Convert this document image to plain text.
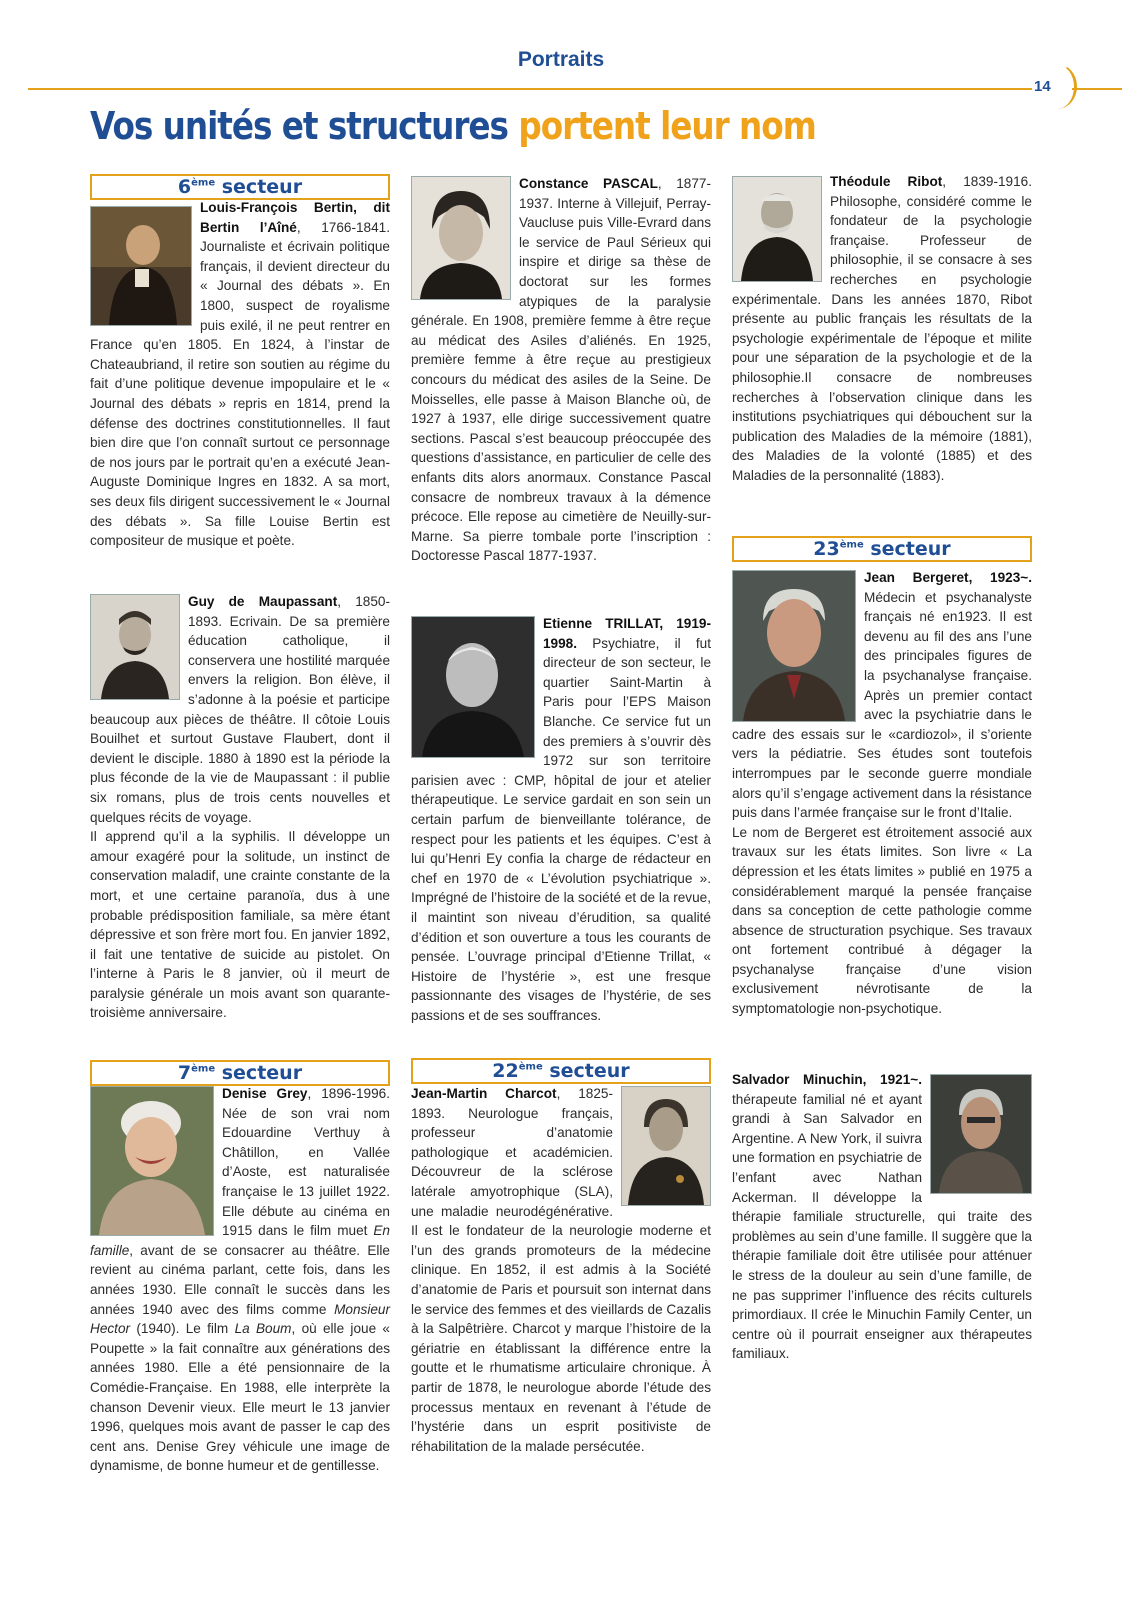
Portraits
14
Vos unités et structures portent leur nom
6ème secteur

Louis-François Bertin, dit Bertin l’Aîné, 1766-1841. Journaliste et écrivain politique français, il devient directeur du « Journal des débats ». En 1800, suspect de royalisme puis exilé, il ne peut rentrer en France qu’en 1805. En 1824, à l’instar de Chateaubriand, il retire son soutien au régime du fait d’une politique devenue impopulaire et le « Journal des débats » repris en 1814, prend la défense des doctrines constitutionnelles. Il faut bien dire que l’on connaît surtout ce personnage de nos jours par le portrait qu’en a exécuté Jean-Auguste Dominique Ingres en 1832. A sa mort, ses deux fils dirigent successivement le « Journal des débats ». Sa fille Louise Bertin est compositeur de musique et poète.

Guy de Maupassant, 1850-1893. Ecrivain. De sa première éducation catholique, il conservera une hostilité marquée envers la religion. Bon élève, il s’adonne à la poésie et participe beaucoup aux pièces de théâtre. Il côtoie Louis Bouilhet et surtout Gustave Flaubert, dont il devient le disciple. 1880 à 1890 est la période la plus féconde de la vie de Maupassant : il publie six romans, plus de trois cents nouvelles et quelques récits de voyage.

Il apprend qu’il a la syphilis. Il développe un amour exagéré pour la solitude, un instinct de conservation maladif, une crainte constante de la mort, et une certaine paranoïa, dus à une probable prédisposition familiale, sa mère étant dépressive et son frère mort fou. En janvier 1892, il fait une tentative de suicide au pistolet. On l’interne à Paris le 8 janvier, où il meurt de paralysie générale un mois avant son quarante-troisième anniversaire.

7ème secteur

Denise Grey, 1896-1996. Née de son vrai nom Edouardine Verthuy à Châtillon, en Vallée d’Aoste, est naturalisée française le 13 juillet 1922. Elle débute au cinéma en 1915 dans le film muet En famille, avant de se consacrer au théâtre. Elle revient au cinéma parlant, cette fois, dans les années 1930. Elle connaît le succès dans les années 1940 avec des films comme Monsieur Hector (1940). Le film La Boum, où elle joue « Poupette » la fait connaître aux générations des années 1980. Elle a été pensionnaire de la Comédie-Française. En 1988, elle interprète la chanson Devenir vieux. Elle meurt le 13 janvier 1996, quelques mois avant de passer le cap des cent ans. Denise Grey véhicule une image de dynamisme, de bonne humeur et de gentillesse.

Constance PASCAL, 1877-1937. Interne à Villejuif, Perray-Vaucluse puis Ville-Evrard dans le service de Paul Sérieux qui inspire et dirige sa thèse de doctorat sur les formes atypiques de la paralysie générale. En 1908, première femme à être reçue au médicat des Asiles d’aliénés. En 1925, première femme à être reçue au prestigieux concours du médicat des asiles de la Seine. De Moisselles, elle passe à Maison Blanche où, de 1927 à 1937, elle dirige successivement quatre sections. Pascal s’est beaucoup préoccupée des questions d’assistance, en particulier de celle des enfants dits alors anormaux. Constance Pascal consacre de nombreux travaux à la démence précoce. Elle repose au cimetière de Neuilly-sur-Marne. Sa pierre tombale porte l’inscription : Doctoresse Pascal 1877-1937.

Etienne TRILLAT, 1919-1998. Psychiatre, il fut directeur de son secteur, le quartier Saint-Martin à Paris pour l’EPS Maison Blanche. Ce service fut un des premiers à s’ouvrir dès 1972 sur son territoire parisien avec : CMP, hôpital de jour et atelier thérapeutique. Le service gardait en son sein un certain parfum de bienveillante tolérance, de respect pour les patients et les équipes. C’est à lui qu’Henri Ey confia la charge de rédacteur en chef en 1970 de « L’évolution psychiatrique ». Imprégné de l’histoire de la société et de la revue, il maintint son niveau d’érudition, sa qualité d’édition et son ouverture a tous les courants de pensée. L’ouvrage principal d’Etienne Trillat, « Histoire de l’hystérie », est une fresque passionnante des visages de l’hystérie, de ses passions et de ses souffrances.

22ème secteur

Jean-Martin Charcot, 1825-1893. Neurologue français, professeur d’anatomie pathologique et académicien. Découvreur de la sclérose latérale amyotrophique (SLA), une maladie neurodégénérative. Il est le fondateur de la neurologie moderne et l’un des grands promoteurs de la médecine clinique. En 1852, il est admis à la Société d’anatomie de Paris et poursuit son internat dans le service des femmes et des vieillards de Cazalis à la Salpêtrière. Charcot y marque l’histoire de la gériatrie en établissant la différence entre la goutte et le rhumatisme articulaire chronique. À partir de 1878, le neurologue aborde l’étude des processus mentaux en revenant à l’étude de l’hystérie dans un esprit positiviste de réhabilitation de la malade persécutée.

Théodule Ribot, 1839-1916. Philosophe, considéré comme le fondateur de la psychologie française. Professeur de philosophie, il se consacre à ses recherches en psychologie expérimentale. Dans les années 1870, Ribot présente au public français les résultats de la psychologie expérimentale de l’époque et milite pour une séparation de la psychologie et de la philosophie.Il consacre de nombreuses recherches à l’observation clinique dans les institutions psychiatriques qui débouchent sur la publication des Maladies de la mémoire (1881), des Maladies de la volonté (1885) et des Maladies de la personnalité (1883).

23ème secteur

Jean Bergeret, 1923~. Médecin et psychanalyste français né en1923. Il est devenu au fil des ans l’une des principales figures de la psychanalyse française. Après un premier contact avec la psychiatrie dans le cadre des essais sur le «cardiozol», il s’oriente vers la pédiatrie. Ses études sont toutefois interrompues par le seconde guerre mondiale alors qu’il s’engage activement dans la résistance puis dans l’armée française sur le front d’Italie.

Le nom de Bergeret est étroitement associé aux travaux sur les états limites. Son livre « La dépression et les états limites » publié en 1975 a considérablement marqué la pensée française dans sa conception de cette pathologie comme absence de structuration psychique. Ses travaux ont fortement contribué à dégager la psychanalyse française d’une vision exclusivement névrotisante de la symptomatologie non-psychotique.

Salvador Minuchin, 1921~. thérapeute familial né et ayant grandi à San Salvador en Argentine. A New York, il suivra une formation en psychiatrie de l’enfant avec Nathan Ackerman. Il développe la thérapie familiale structurelle, qui traite des problèmes au sein d’une famille. Il suggère que la thérapie familiale doit être utilisée pour atténuer le stress de la douleur au sein d’une famille, de ne pas supprimer l’influence des récits culturels primordiaux. Il crée le Minuchin Family Center, un centre où il pourrait enseigner aux thérapeutes familiaux.
